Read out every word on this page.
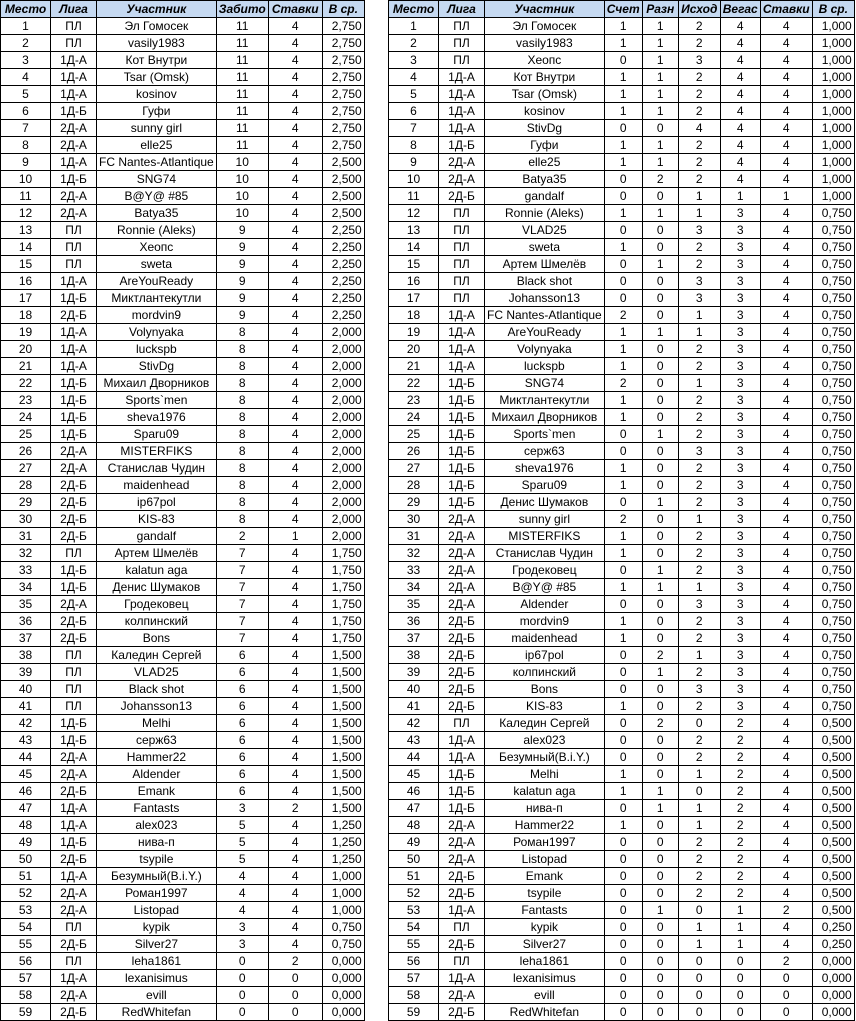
Место	Лига	Участник	Забито	Ставки	В ср.
1	ПЛ	Эл Гомосек	11	4	2,750
2	ПЛ	vasily1983	11	4	2,750
3	1Д-А	Кот Внутри	11	4	2,750
4	1Д-А	Tsar (Omsk)	11	4	2,750
5	1Д-А	kosinov	11	4	2,750
6	1Д-Б	Гуфи	11	4	2,750
7	2Д-А	sunny girl	11	4	2,750
8	2Д-А	elle25	11	4	2,750
9	1Д-А	FC Nantes-Atlantique	10	4	2,500
10	1Д-Б	SNG74	10	4	2,500
11	2Д-А	B@Y@ #85	10	4	2,500
12	2Д-А	Batya35	10	4	2,500
13	ПЛ	Ronnie (Aleks)	9	4	2,250
14	ПЛ	Хеопс	9	4	2,250
15	ПЛ	sweta	9	4	2,250
16	1Д-А	AreYouReady	9	4	2,250
17	1Д-Б	Миктлантекутли	9	4	2,250
18	2Д-Б	mordvin9	9	4	2,250
19	1Д-А	Volynyaka	8	4	2,000
20	1Д-А	luckspb	8	4	2,000
21	1Д-А	StivDg	8	4	2,000
22	1Д-Б	Михаил Дворников	8	4	2,000
23	1Д-Б	Sports`men	8	4	2,000
24	1Д-Б	sheva1976	8	4	2,000
25	1Д-Б	Sparu09	8	4	2,000
26	2Д-А	MISTERFIKS	8	4	2,000
27	2Д-А	Станислав Чудин	8	4	2,000
28	2Д-Б	maidenhead	8	4	2,000
29	2Д-Б	ip67pol	8	4	2,000
30	2Д-Б	KIS-83	8	4	2,000
31	2Д-Б	gandalf	2	1	2,000
32	ПЛ	Артем Шмелёв	7	4	1,750
33	1Д-Б	kalatun aga	7	4	1,750
34	1Д-Б	Денис Шумаков	7	4	1,750
35	2Д-А	Гродековец	7	4	1,750
36	2Д-Б	колпинский	7	4	1,750
37	2Д-Б	Bons	7	4	1,750
38	ПЛ	Каледин Сергей	6	4	1,500
39	ПЛ	VLAD25	6	4	1,500
40	ПЛ	Black shot	6	4	1,500
41	ПЛ	Johansson13	6	4	1,500
42	1Д-Б	Melhi	6	4	1,500
43	1Д-Б	серж63	6	4	1,500
44	2Д-А	Hammer22	6	4	1,500
45	2Д-А	Aldender	6	4	1,500
46	2Д-Б	Emank	6	4	1,500
47	1Д-А	Fantasts	3	2	1,500
48	1Д-А	alex023	5	4	1,250
49	1Д-Б	нива-п	5	4	1,250
50	2Д-Б	tsypile	5	4	1,250
51	1Д-А	Безумный(B.i.Y.)	4	4	1,000
52	2Д-А	Роман1997	4	4	1,000
53	2Д-А	Listopad	4	4	1,000
54	ПЛ	kypik	3	4	0,750
55	2Д-Б	Silver27	3	4	0,750
56	ПЛ	leha1861	0	2	0,000
57	1Д-А	lexanisimus	0	0	0,000
58	2Д-А	evill	0	0	0,000
59	2Д-Б	RedWhitefan	0	0	0,000
Место	Лига	Участник	Счет	Разн	Исход	Вегас	Ставки	В ср.
1	ПЛ	Эл Гомосек	1	1	2	4	4	1,000
2	ПЛ	vasily1983	1	1	2	4	4	1,000
3	ПЛ	Хеопс	0	1	3	4	4	1,000
4	1Д-А	Кот Внутри	1	1	2	4	4	1,000
5	1Д-А	Tsar (Omsk)	1	1	2	4	4	1,000
6	1Д-А	kosinov	1	1	2	4	4	1,000
7	1Д-А	StivDg	0	0	4	4	4	1,000
8	1Д-Б	Гуфи	1	1	2	4	4	1,000
9	2Д-А	elle25	1	1	2	4	4	1,000
10	2Д-А	Batya35	0	2	2	4	4	1,000
11	2Д-Б	gandalf	0	0	1	1	1	1,000
12	ПЛ	Ronnie (Aleks)	1	1	1	3	4	0,750
13	ПЛ	VLAD25	0	0	3	3	4	0,750
14	ПЛ	sweta	1	0	2	3	4	0,750
15	ПЛ	Артем Шмелёв	0	1	2	3	4	0,750
16	ПЛ	Black shot	0	0	3	3	4	0,750
17	ПЛ	Johansson13	0	0	3	3	4	0,750
18	1Д-А	FC Nantes-Atlantique	2	0	1	3	4	0,750
19	1Д-А	AreYouReady	1	1	1	3	4	0,750
20	1Д-А	Volynyaka	1	0	2	3	4	0,750
21	1Д-А	luckspb	1	0	2	3	4	0,750
22	1Д-Б	SNG74	2	0	1	3	4	0,750
23	1Д-Б	Миктлантекутли	1	0	2	3	4	0,750
24	1Д-Б	Михаил Дворников	1	0	2	3	4	0,750
25	1Д-Б	Sports`men	0	1	2	3	4	0,750
26	1Д-Б	серж63	0	0	3	3	4	0,750
27	1Д-Б	sheva1976	1	0	2	3	4	0,750
28	1Д-Б	Sparu09	1	0	2	3	4	0,750
29	1Д-Б	Денис Шумаков	0	1	2	3	4	0,750
30	2Д-А	sunny girl	2	0	1	3	4	0,750
31	2Д-А	MISTERFIKS	1	0	2	3	4	0,750
32	2Д-А	Станислав Чудин	1	0	2	3	4	0,750
33	2Д-А	Гродековец	0	1	2	3	4	0,750
34	2Д-А	B@Y@ #85	1	1	1	3	4	0,750
35	2Д-А	Aldender	0	0	3	3	4	0,750
36	2Д-Б	mordvin9	1	0	2	3	4	0,750
37	2Д-Б	maidenhead	1	0	2	3	4	0,750
38	2Д-Б	ip67pol	0	2	1	3	4	0,750
39	2Д-Б	колпинский	0	1	2	3	4	0,750
40	2Д-Б	Bons	0	0	3	3	4	0,750
41	2Д-Б	KIS-83	1	0	2	3	4	0,750
42	ПЛ	Каледин Сергей	0	2	0	2	4	0,500
43	1Д-А	alex023	0	0	2	2	4	0,500
44	1Д-А	Безумный(B.i.Y.)	0	0	2	2	4	0,500
45	1Д-Б	Melhi	1	0	1	2	4	0,500
46	1Д-Б	kalatun aga	1	1	0	2	4	0,500
47	1Д-Б	нива-п	0	1	1	2	4	0,500
48	2Д-А	Hammer22	1	0	1	2	4	0,500
49	2Д-А	Роман1997	0	0	2	2	4	0,500
50	2Д-А	Listopad	0	0	2	2	4	0,500
51	2Д-Б	Emank	0	0	2	2	4	0,500
52	2Д-Б	tsypile	0	0	2	2	4	0,500
53	1Д-А	Fantasts	0	1	0	1	2	0,500
54	ПЛ	kypik	0	0	1	1	4	0,250
55	2Д-Б	Silver27	0	0	1	1	4	0,250
56	ПЛ	leha1861	0	0	0	0	2	0,000
57	1Д-А	lexanisimus	0	0	0	0	0	0,000
58	2Д-А	evill	0	0	0	0	0	0,000
59	2Д-Б	RedWhitefan	0	0	0	0	0	0,000
